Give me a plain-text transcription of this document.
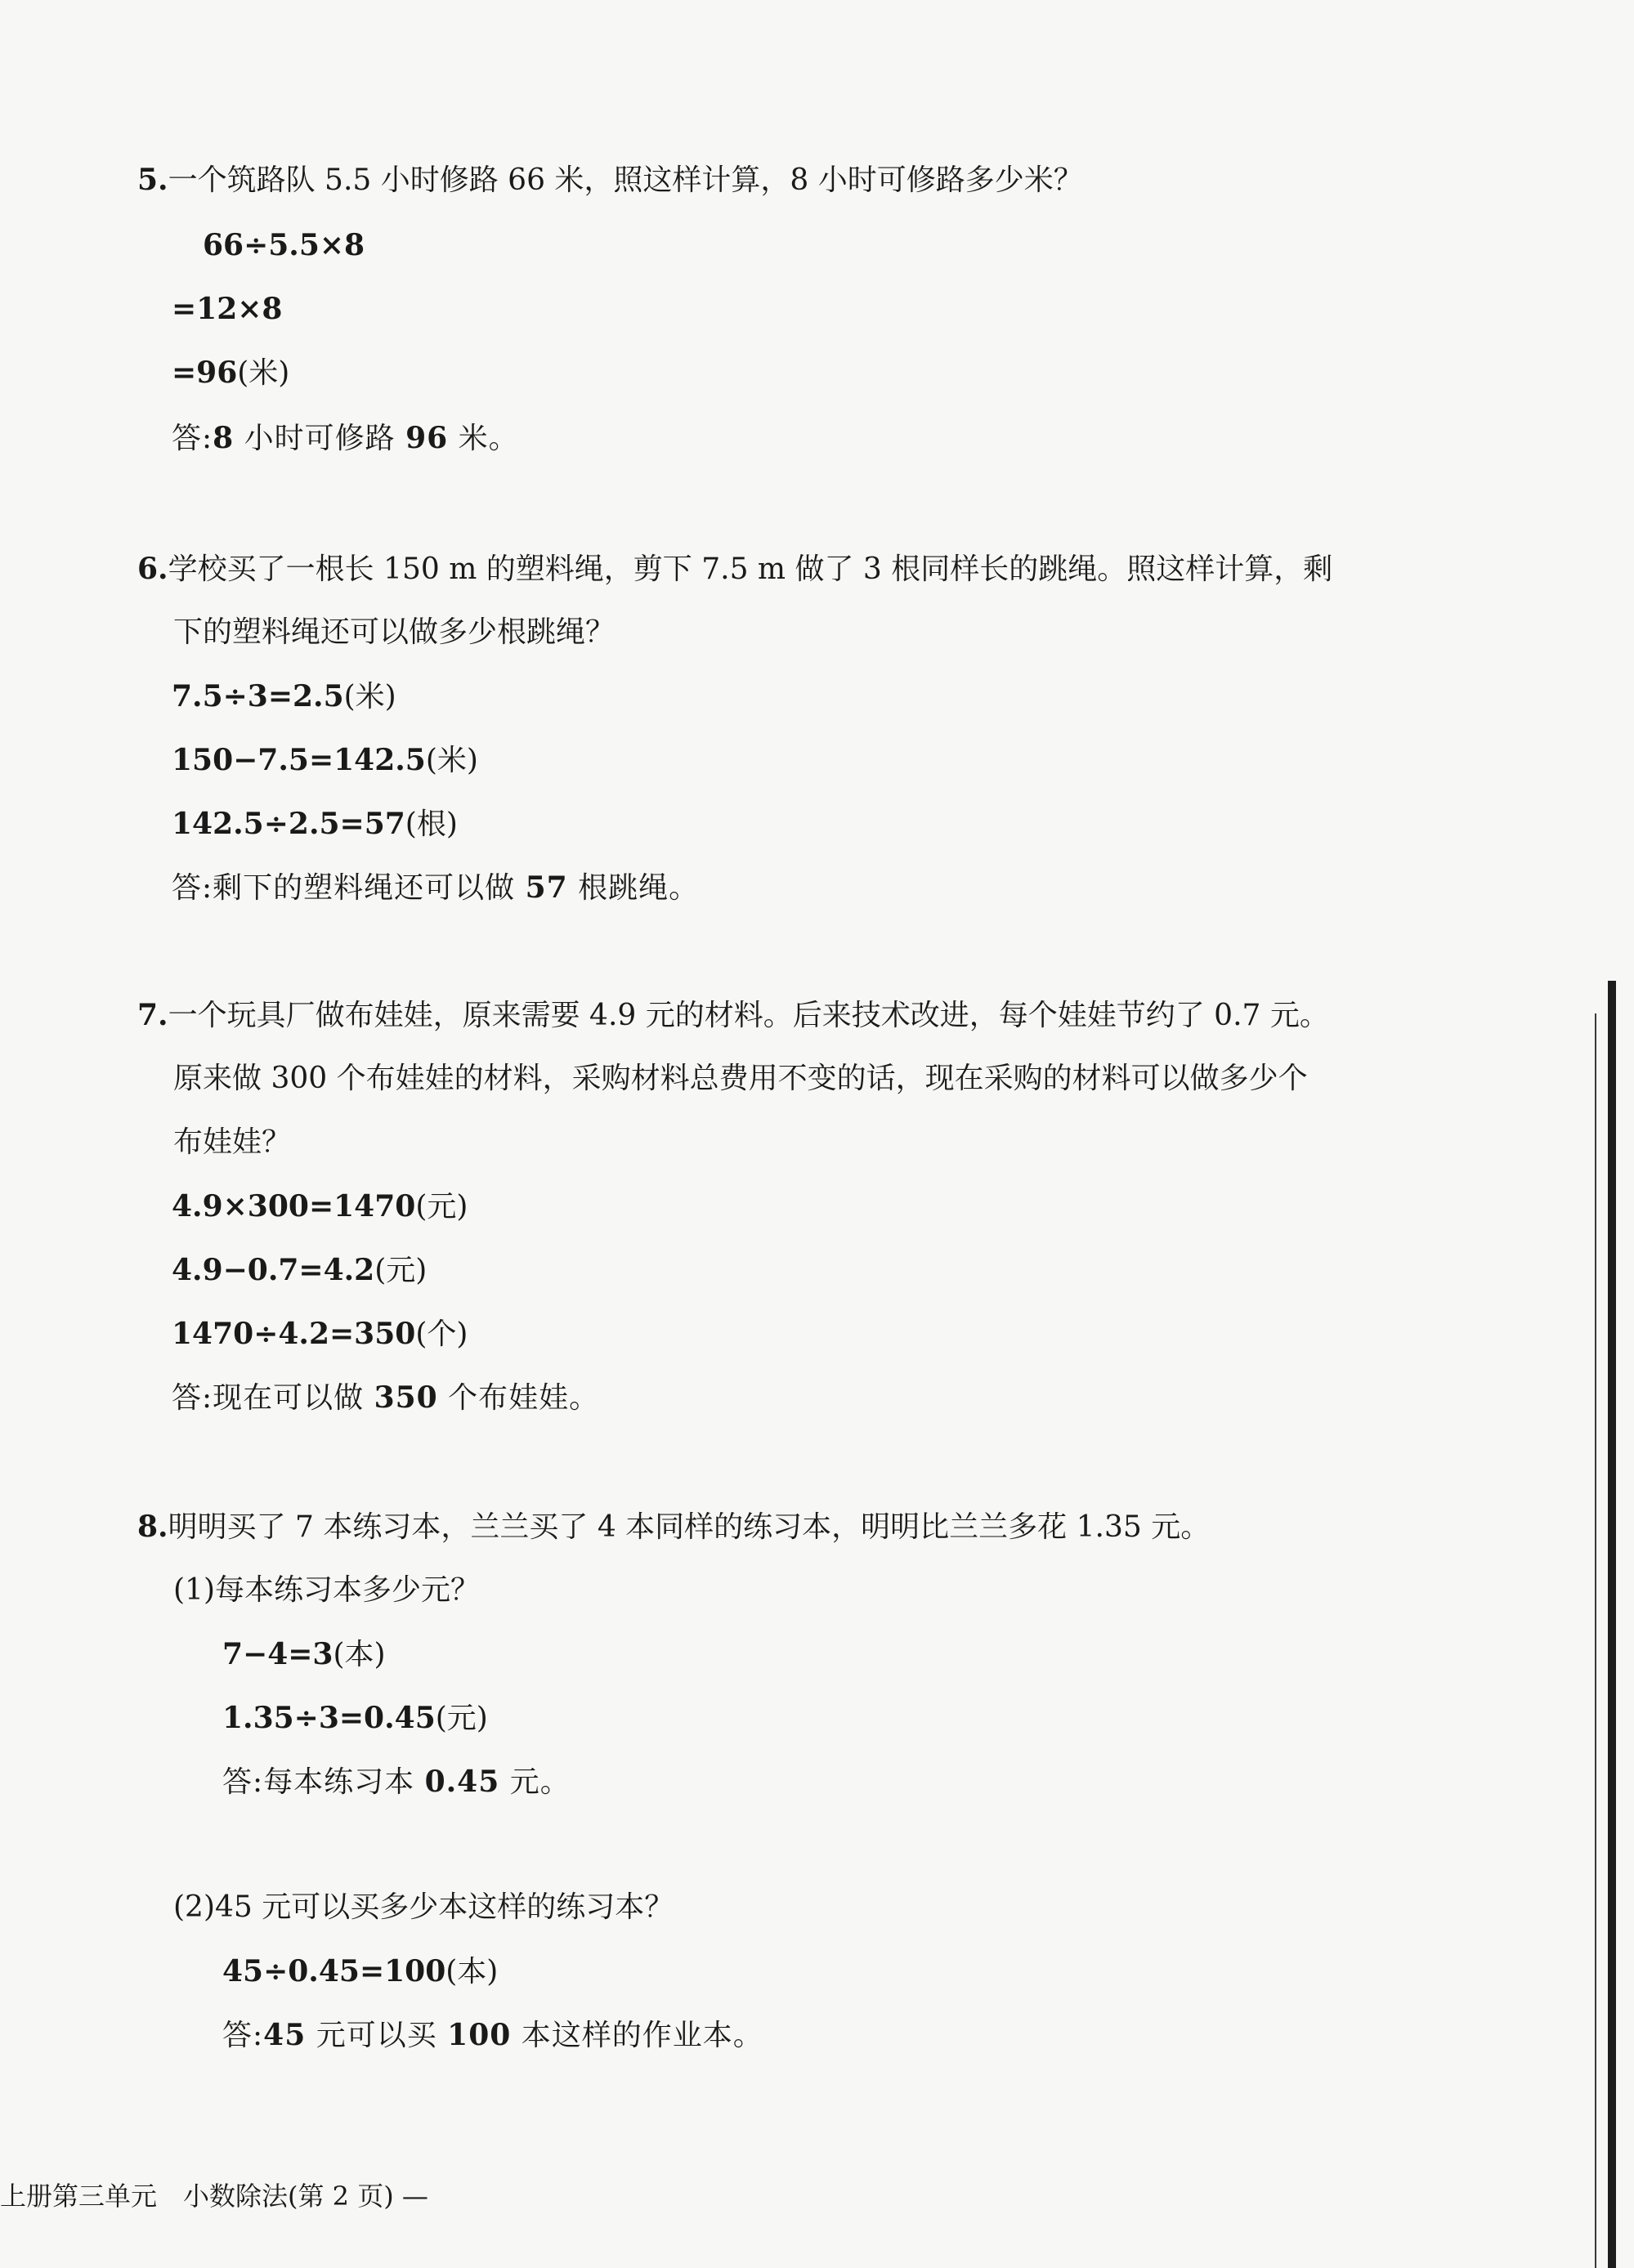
5.一个筑路队 5.5 小时修路 66 米，照这样计算，8 小时可修路多少米？
66÷5.5×8
=12×8
=96(米)
答:8 小时可修路 96 米。
6.学校买了一根长 150 m 的塑料绳，剪下 7.5 m 做了 3 根同样长的跳绳。照这样计算，剩
下的塑料绳还可以做多少根跳绳？
7.5÷3=2.5(米)
150−7.5=142.5(米)
142.5÷2.5=57(根)
答:剩下的塑料绳还可以做 57 根跳绳。
7.一个玩具厂做布娃娃，原来需要 4.9 元的材料。后来技术改进，每个娃娃节约了 0.7 元。
原来做 300 个布娃娃的材料，采购材料总费用不变的话，现在采购的材料可以做多少个
布娃娃？
4.9×300=1470(元)
4.9−0.7=4.2(元)
1470÷4.2=350(个)
答:现在可以做 350 个布娃娃。
8.明明买了 7 本练习本，兰兰买了 4 本同样的练习本，明明比兰兰多花 1.35 元。
(1)每本练习本多少元？
7−4=3(本)
1.35÷3=0.45(元)
答:每本练习本 0.45 元。
(2)45 元可以买多少本这样的练习本？
45÷0.45=100(本)
答:45 元可以买 100 本这样的作业本。
上册第三单元　小数除法(第 2 页) —
